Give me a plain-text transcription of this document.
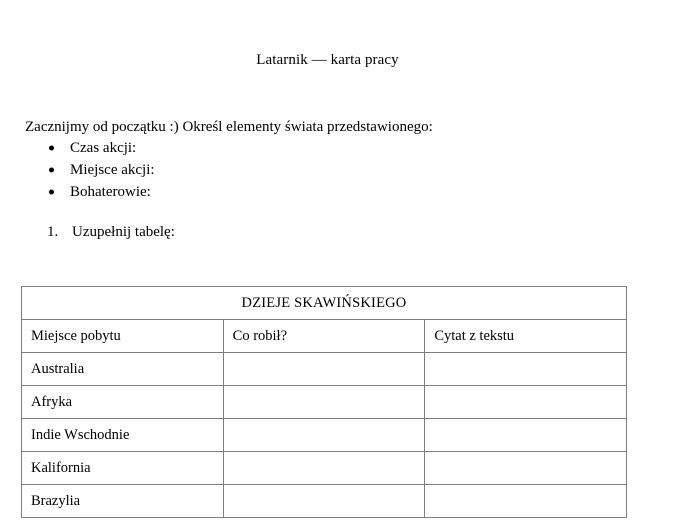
Latarnik — karta pracy
Zacznijmy od początku :) Określ elementy świata przedstawionego:
Czas akcji:
Miejsce akcji:
Bohaterowie:
1. Uzupełnij tabelę:
DZIEJE SKAWIŃSKIEGO		
Miejsce pobytu	Co robił?	Cytat z tekstu
Australia		
Afryka		
Indie Wschodnie		
Kalifornia		
Brazylia		
